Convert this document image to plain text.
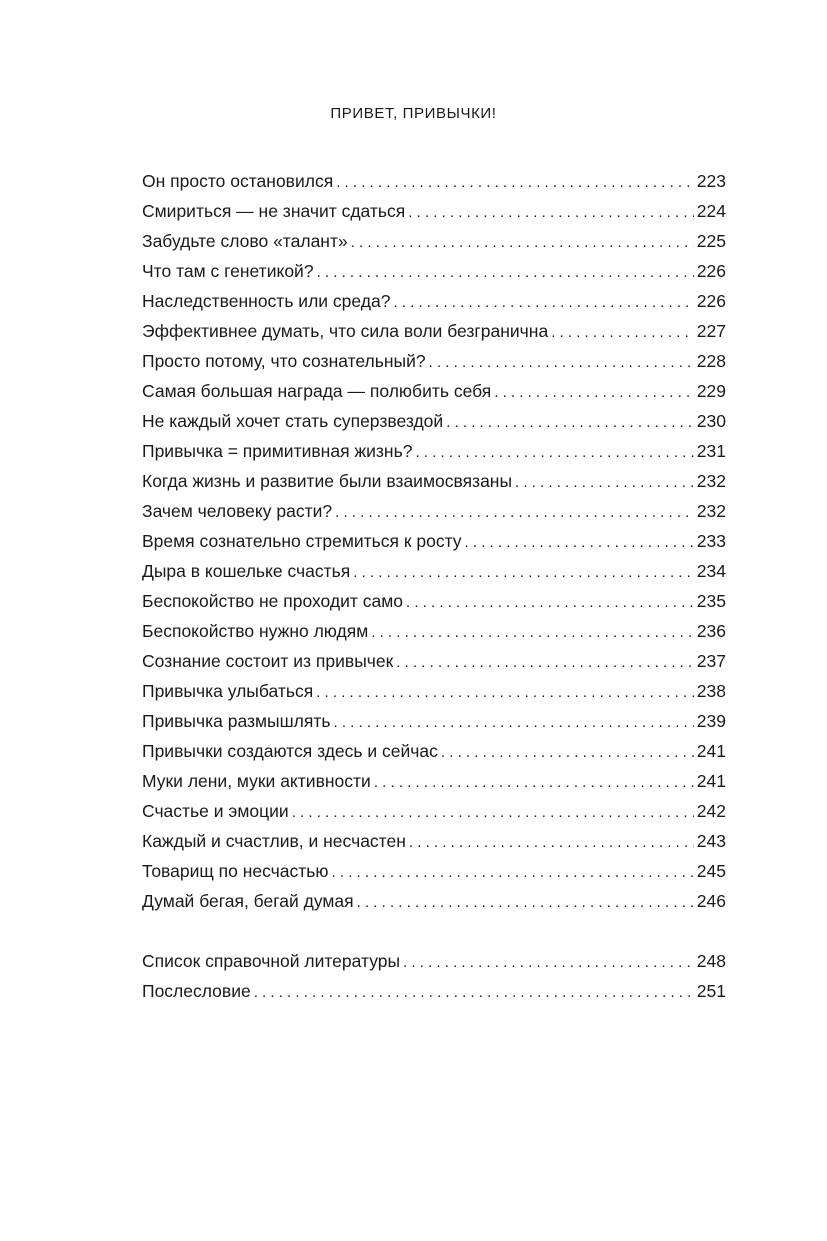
ПРИВЕТ, ПРИВЫЧКИ!
Он просто остановился . . .	223
Смириться — не значит сдаться . . .	224
Забудьте слово «талант» . . .	225
Что там с генетикой? . . .	226
Наследственность или среда? . . .	226
Эффективнее думать, что сила воли безгранична . . .	227
Просто потому, что сознательный? . . .	228
Самая большая награда — полюбить себя . . .	229
Не каждый хочет стать суперзвездой . . .	230
Привычка = примитивная жизнь? . . .	231
Когда жизнь и развитие были взаимосвязаны . . .	232
Зачем человеку расти? . . .	232
Время сознательно стремиться к росту . . .	233
Дыра в кошельке счастья . . .	234
Беспокойство не проходит само . . .	235
Беспокойство нужно людям . . .	236
Сознание состоит из привычек . . .	237
Привычка улыбаться . . .	238
Привычка размышлять . . .	239
Привычки создаются здесь и сейчас . . .	241
Муки лени, муки активности . . .	241
Счастье и эмоции . . .	242
Каждый и счастлив, и несчастен . . .	243
Товарищ по несчастью . . .	245
Думай бегая, бегай думая . . .	246
Список справочной литературы . . .	248
Послесловие . . .	251
